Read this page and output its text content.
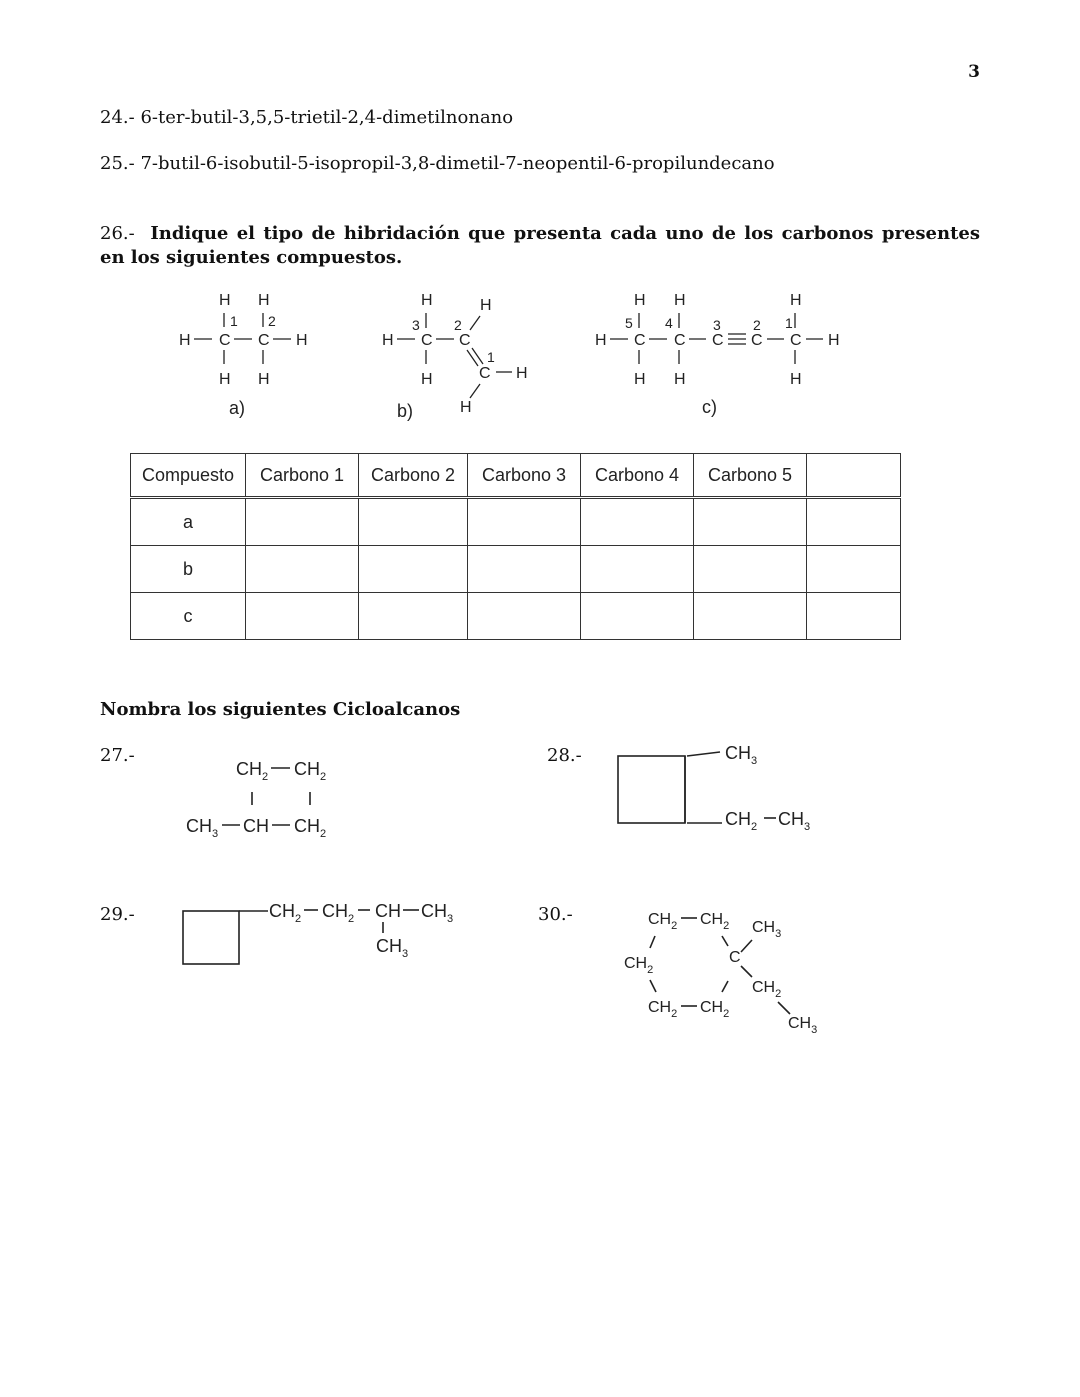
3
24.- 6-ter-butil-3,5,5-trietil-2,4-dimetilnonano
25.- 7-butil-6-isobutil-5-isopropil-3,8-dimetil-7-neopentil-6-propilundecano
26.- Indique el tipo de hibridación que presenta cada uno de los carbonos presentes en los siguientes compuestos.
H H
1 2
H C C H
H H
a)
H	H
3 2
H C C
1
H	C H
H
b)
H H	H
5 4	3 2 1
H C C C C C H
H H	H
c)
Compuesto	Carbono 1	Carbono 2	Carbono 3	Carbono 4	Carbono 5	
a						
b						
c						
Nombra los siguientes Cicloalcanos
27.-	28.-
29.-	30.-
$CH_2$ $CH_2$
$CH_3$ CH $CH_2$
$CH_3$
$CH_2$ $CH_3$
$CH_2$ $CH_2$ CH $CH_3$
$CH_3$
$CH_2$ $CH_2$ $CH_3$
$CH_2$
C
$CH_2$
$CH_2$ $CH_2$
$CH_3$
